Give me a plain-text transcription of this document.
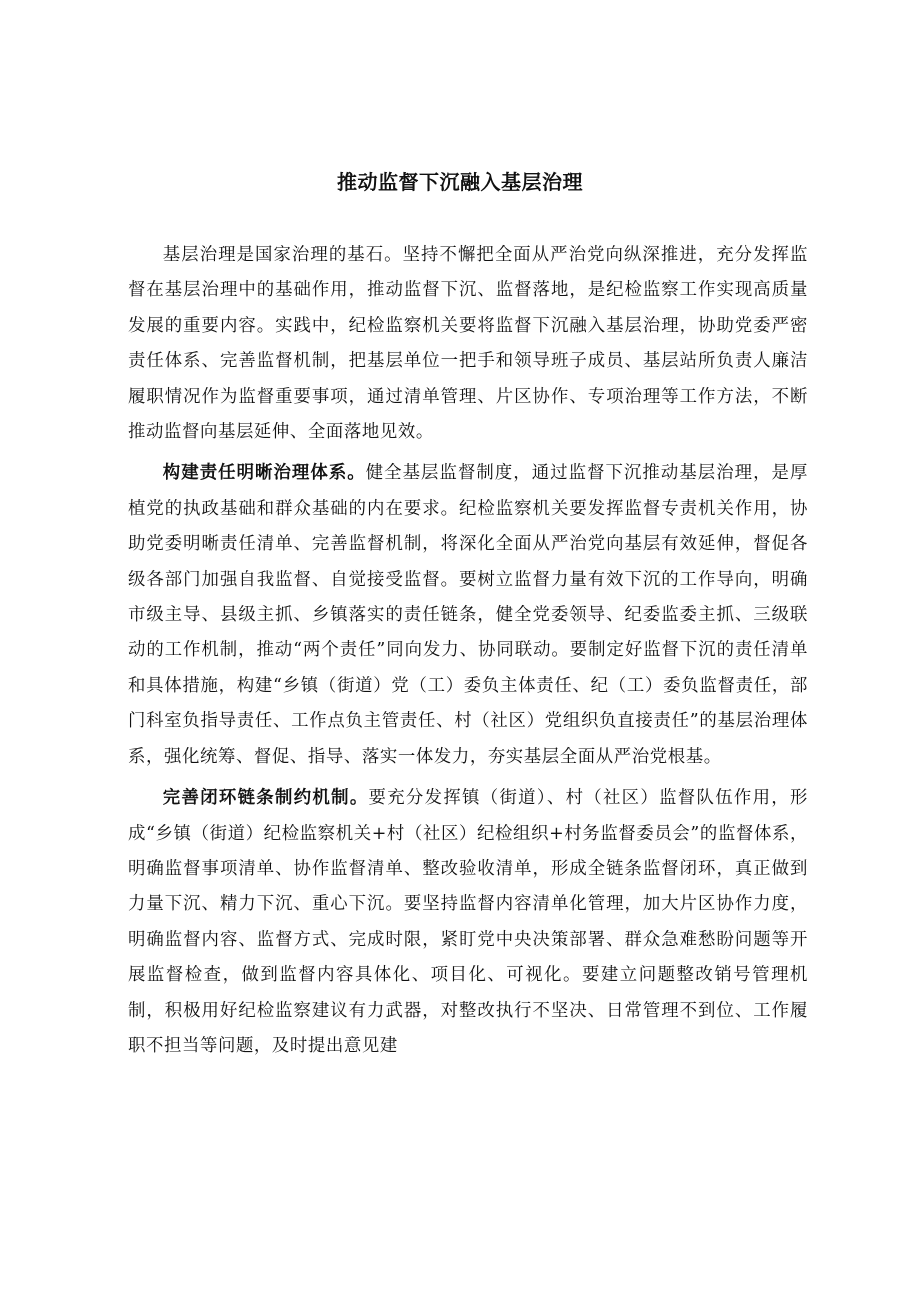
推动监督下沉融入基层治理

基层治理是国家治理的基石。坚持不懈把全面从严治党向纵深推进，充分发挥监督在基层治理中的基础作用，推动监督下沉、监督落地，是纪检监察工作实现高质量发展的重要内容。实践中，纪检监察机关要将监督下沉融入基层治理，协助党委严密责任体系、完善监督机制，把基层单位一把手和领导班子成员、基层站所负责人廉洁履职情况作为监督重要事项，通过清单管理、片区协作、专项治理等工作方法，不断推动监督向基层延伸、全面落地见效。

构建责任明晰治理体系。健全基层监督制度，通过监督下沉推动基层治理，是厚植党的执政基础和群众基础的内在要求。纪检监察机关要发挥监督专责机关作用，协助党委明晰责任清单、完善监督机制，将深化全面从严治党向基层有效延伸，督促各级各部门加强自我监督、自觉接受监督。要树立监督力量有效下沉的工作导向，明确市级主导、县级主抓、乡镇落实的责任链条，健全党委领导、纪委监委主抓、三级联动的工作机制，推动“两个责任”同向发力、协同联动。要制定好监督下沉的责任清单和具体措施，构建“乡镇（街道）党（工）委负主体责任、纪（工）委负监督责任，部门科室负指导责任、工作点负主管责任、村（社区）党组织负直接责任”的基层治理体系，强化统筹、督促、指导、落实一体发力，夯实基层全面从严治党根基。

完善闭环链条制约机制。要充分发挥镇（街道）、村（社区）监督队伍作用，形成“乡镇（街道）纪检监察机关+村（社区）纪检组织+村务监督委员会”的监督体系，明确监督事项清单、协作监督清单、整改验收清单，形成全链条监督闭环，真正做到力量下沉、精力下沉、重心下沉。要坚持监督内容清单化管理，加大片区协作力度，明确监督内容、监督方式、完成时限，紧盯党中央决策部署、群众急难愁盼问题等开展监督检查，做到监督内容具体化、项目化、可视化。要建立问题整改销号管理机制，积极用好纪检监察建议有力武器，对整改执行不坚决、日常管理不到位、工作履职不担当等问题，及时提出意见建
